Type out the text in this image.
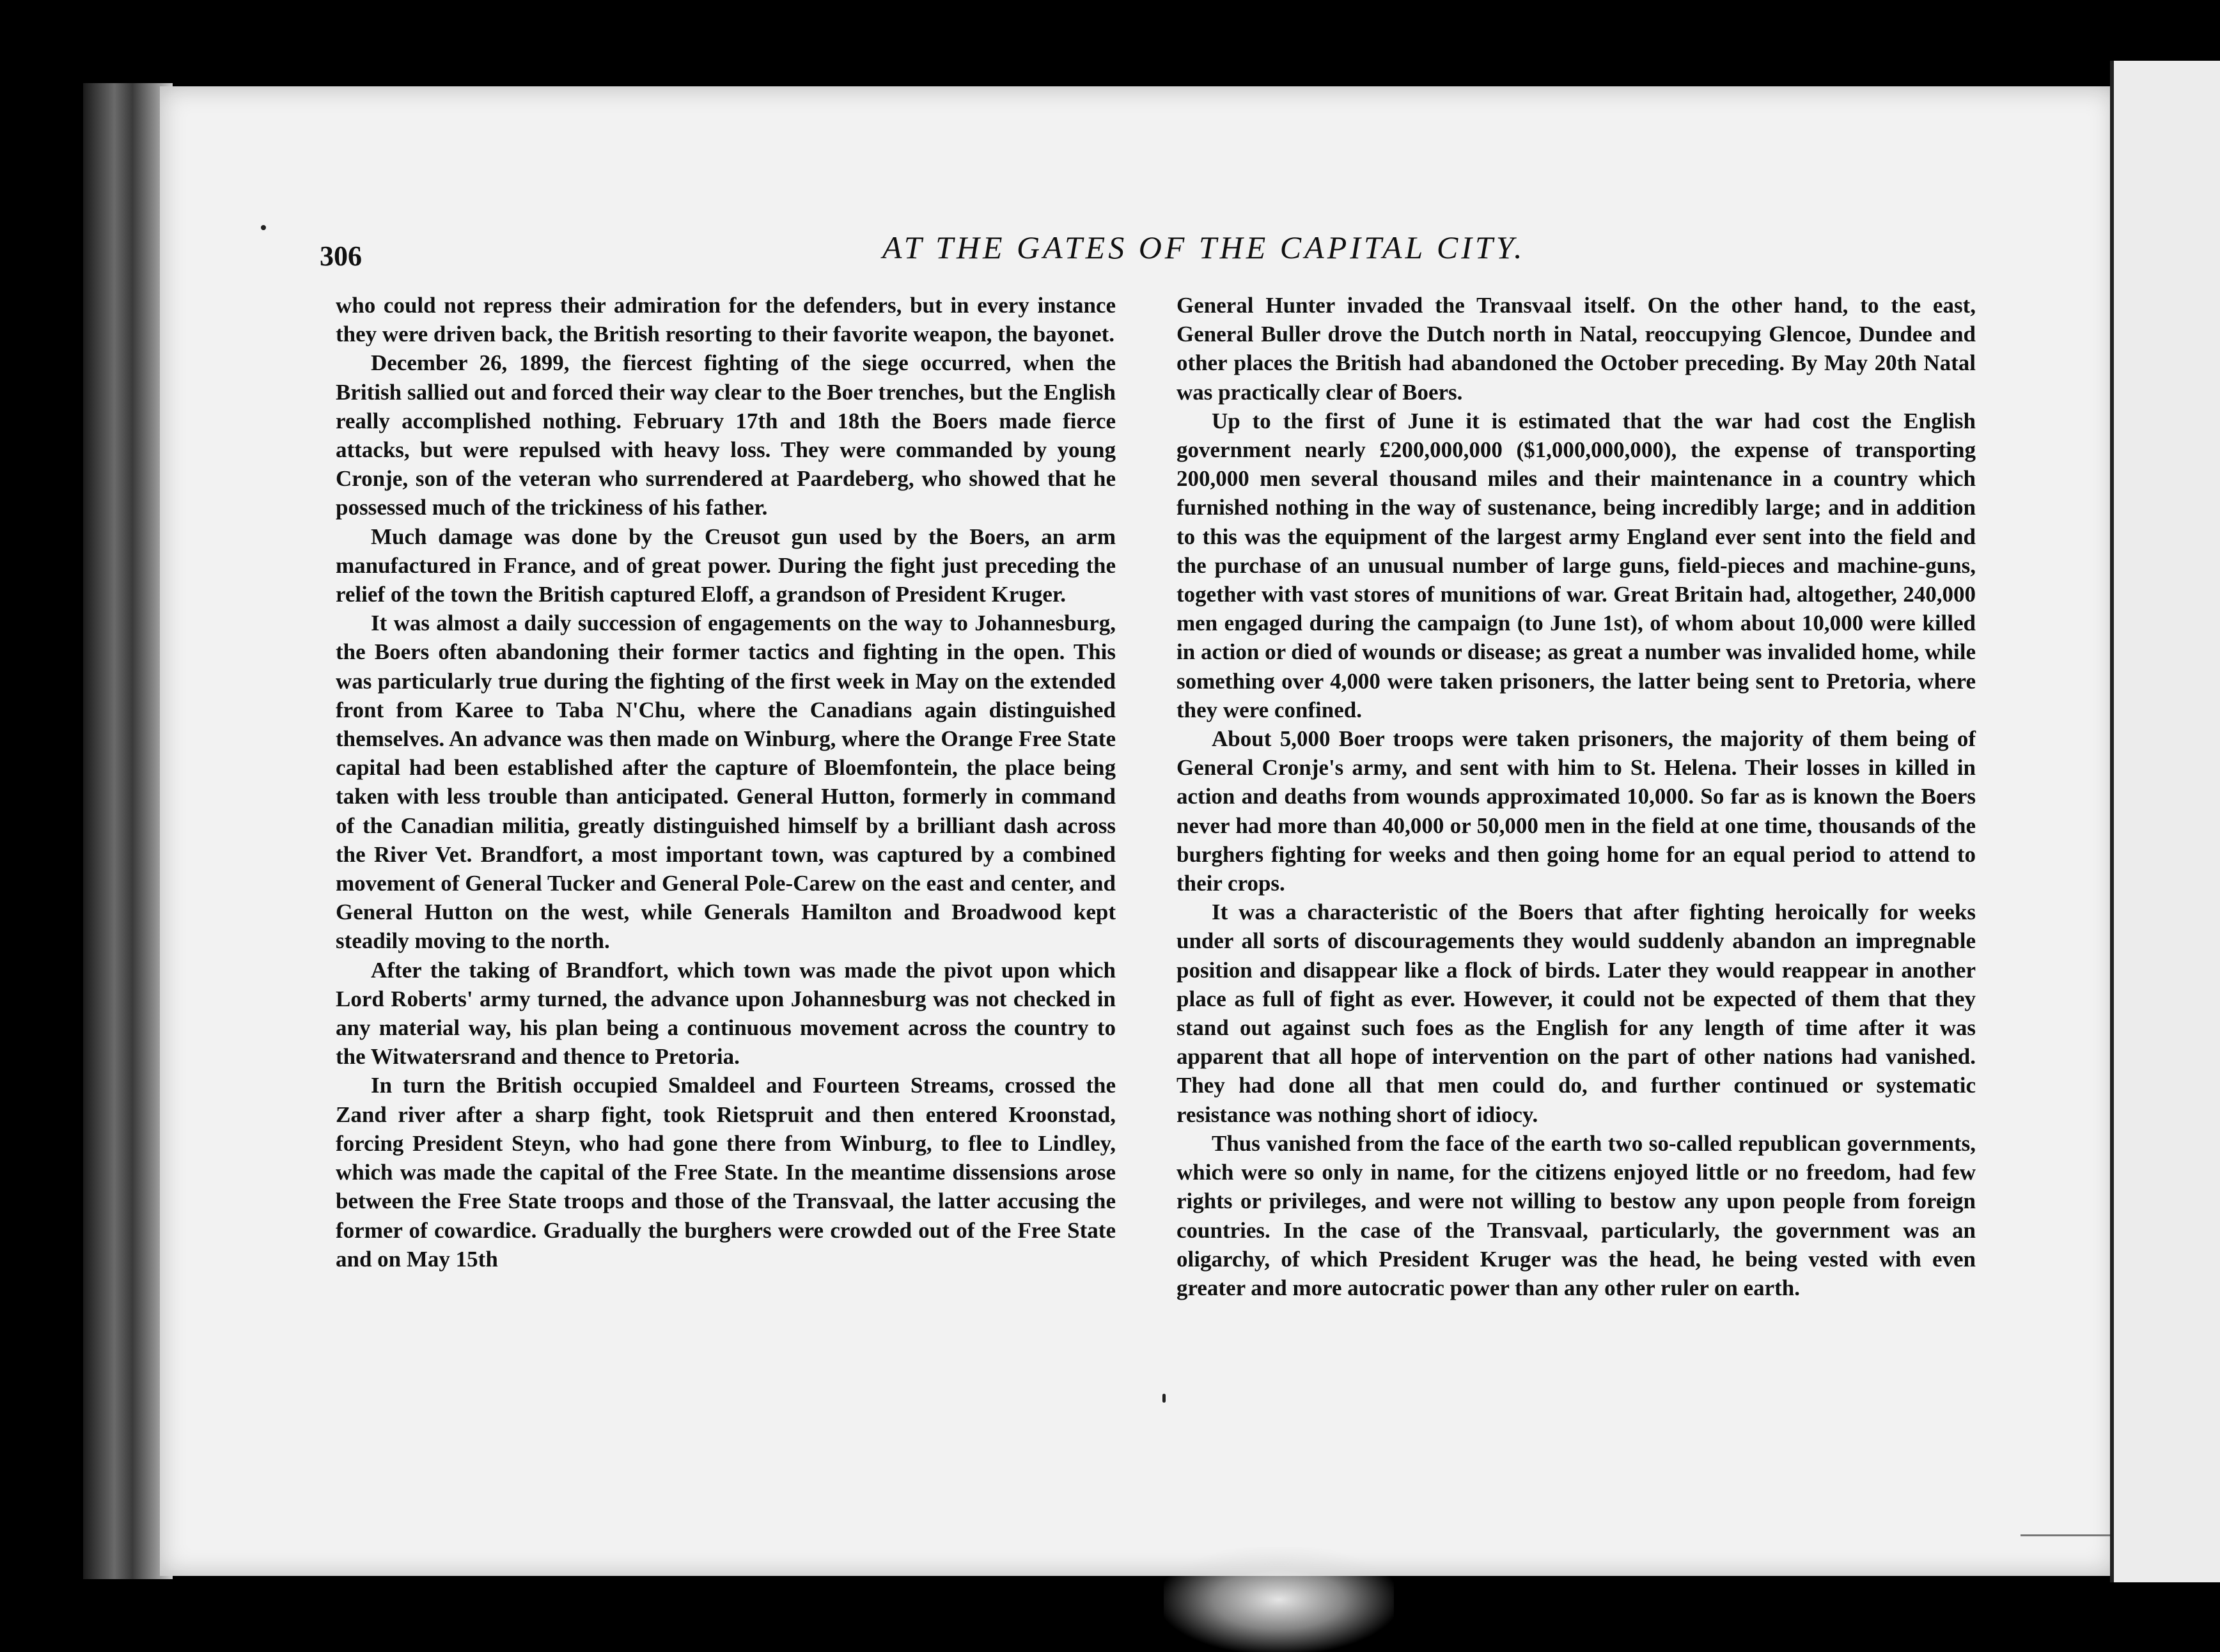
306	AT THE GATES OF THE CAPITAL CITY.

who could not repress their admiration for the defenders, but in every instance they were driven back, the British resorting to their favorite weapon, the bayonet.

December 26, 1899, the fiercest fighting of the siege occurred, when the British sallied out and forced their way clear to the Boer trenches, but the English really accomplished nothing. February 17th and 18th the Boers made fierce attacks, but were repulsed with heavy loss. They were commanded by young Cronje, son of the veteran who surrendered at Paardeberg, who showed that he possessed much of the trickiness of his father.

Much damage was done by the Creusot gun used by the Boers, an arm manufactured in France, and of great power. During the fight just preceding the relief of the town the British captured Eloff, a grandson of President Kruger.

It was almost a daily succession of engagements on the way to Johannesburg, the Boers often abandoning their former tactics and fighting in the open. This was particularly true during the fighting of the first week in May on the extended front from Karee to Taba N'Chu, where the Canadians again distinguished themselves. An advance was then made on Winburg, where the Orange Free State capital had been established after the capture of Bloemfontein, the place being taken with less trouble than anticipated. General Hutton, formerly in command of the Canadian militia, greatly distinguished himself by a brilliant dash across the River Vet. Brandfort, a most important town, was captured by a combined movement of General Tucker and General Pole-Carew on the east and center, and General Hutton on the west, while Generals Hamilton and Broadwood kept steadily moving to the north.

After the taking of Brandfort, which town was made the pivot upon which Lord Roberts' army turned, the advance upon Johannesburg was not checked in any material way, his plan being a continuous movement across the country to the Witwatersrand and thence to Pretoria.

In turn the British occupied Smaldeel and Fourteen Streams, crossed the Zand river after a sharp fight, took Rietspruit and then entered Kroonstad, forcing President Steyn, who had gone there from Winburg, to flee to Lindley, which was made the capital of the Free State. In the meantime dissensions arose between the Free State troops and those of the Transvaal, the latter accusing the former of cowardice. Gradually the burghers were crowded out of the Free State and on May 15th

General Hunter invaded the Transvaal itself. On the other hand, to the east, General Buller drove the Dutch north in Natal, reoccupying Glencoe, Dundee and other places the British had abandoned the October preceding. By May 20th Natal was practically clear of Boers.

Up to the first of June it is estimated that the war had cost the English government nearly £200,000,000 ($1,000,000,000), the expense of transporting 200,000 men several thousand miles and their maintenance in a country which furnished nothing in the way of sustenance, being incredibly large; and in addition to this was the equipment of the largest army England ever sent into the field and the purchase of an unusual number of large guns, field-pieces and machine-guns, together with vast stores of munitions of war. Great Britain had, altogether, 240,000 men engaged during the campaign (to June 1st), of whom about 10,000 were killed in action or died of wounds or disease; as great a number was invalided home, while something over 4,000 were taken prisoners, the latter being sent to Pretoria, where they were confined.

About 5,000 Boer troops were taken prisoners, the majority of them being of General Cronje's army, and sent with him to St. Helena. Their losses in killed in action and deaths from wounds approximated 10,000. So far as is known the Boers never had more than 40,000 or 50,000 men in the field at one time, thousands of the burghers fighting for weeks and then going home for an equal period to attend to their crops.

It was a characteristic of the Boers that after fighting heroically for weeks under all sorts of discouragements they would suddenly abandon an impregnable position and disappear like a flock of birds. Later they would reappear in another place as full of fight as ever. However, it could not be expected of them that they stand out against such foes as the English for any length of time after it was apparent that all hope of intervention on the part of other nations had vanished. They had done all that men could do, and further continued or systematic resistance was nothing short of idiocy.

Thus vanished from the face of the earth two so-called republican governments, which were so only in name, for the citizens enjoyed little or no freedom, had few rights or privileges, and were not willing to bestow any upon people from foreign countries. In the case of the Transvaal, particularly, the government was an oligarchy, of which President Kruger was the head, he being vested with even greater and more autocratic power than any other ruler on earth.
